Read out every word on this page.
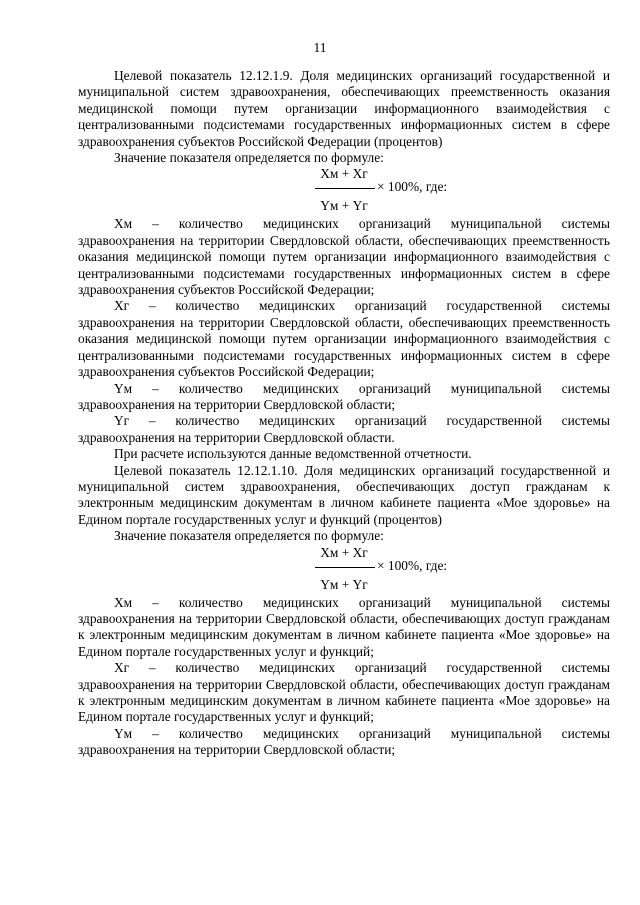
11

Целевой показатель 12.12.1.9. Доля медицинских организаций государственной и муниципальной систем здравоохранения, обеспечивающих преемственность оказания медицинской помощи путем организации информационного взаимодействия с централизованными подсистемами государственных информационных систем в сфере здравоохранения субъектов Российской Федерации (процентов)

Значение показателя определяется по формуле:

Xм + Xг
× 100%, где:
Yм + Yг

Xм – количество медицинских организаций муниципальной системы здравоохранения на территории Свердловской области, обеспечивающих преемственность оказания медицинской помощи путем организации информационного взаимодействия с централизованными подсистемами государственных информационных систем в сфере здравоохранения субъектов Российской Федерации;

Xг – количество медицинских организаций государственной системы здравоохранения на территории Свердловской области, обеспечивающих преемственность оказания медицинской помощи путем организации информационного взаимодействия с централизованными подсистемами государственных информационных систем в сфере здравоохранения субъектов Российской Федерации;

Yм – количество медицинских организаций муниципальной системы здравоохранения на территории Свердловской области;

Yг – количество медицинских организаций государственной системы здравоохранения на территории Свердловской области.

При расчете используются данные ведомственной отчетности.

Целевой показатель 12.12.1.10. Доля медицинских организаций государственной и муниципальной систем здравоохранения, обеспечивающих доступ гражданам к электронным медицинским документам в личном кабинете пациента «Мое здоровье» на Едином портале государственных услуг и функций (процентов)

Значение показателя определяется по формуле:

Xм + Xг
× 100%, где:
Yм + Yг

Xм – количество медицинских организаций муниципальной системы здравоохранения на территории Свердловской области, обеспечивающих доступ гражданам к электронным медицинским документам в личном кабинете пациента «Мое здоровье» на Едином портале государственных услуг и функций;

Xг – количество медицинских организаций государственной системы здравоохранения на территории Свердловской области, обеспечивающих доступ гражданам к электронным медицинским документам в личном кабинете пациента «Мое здоровье» на Едином портале государственных услуг и функций;

Yм – количество медицинских организаций муниципальной системы здравоохранения на территории Свердловской области;
